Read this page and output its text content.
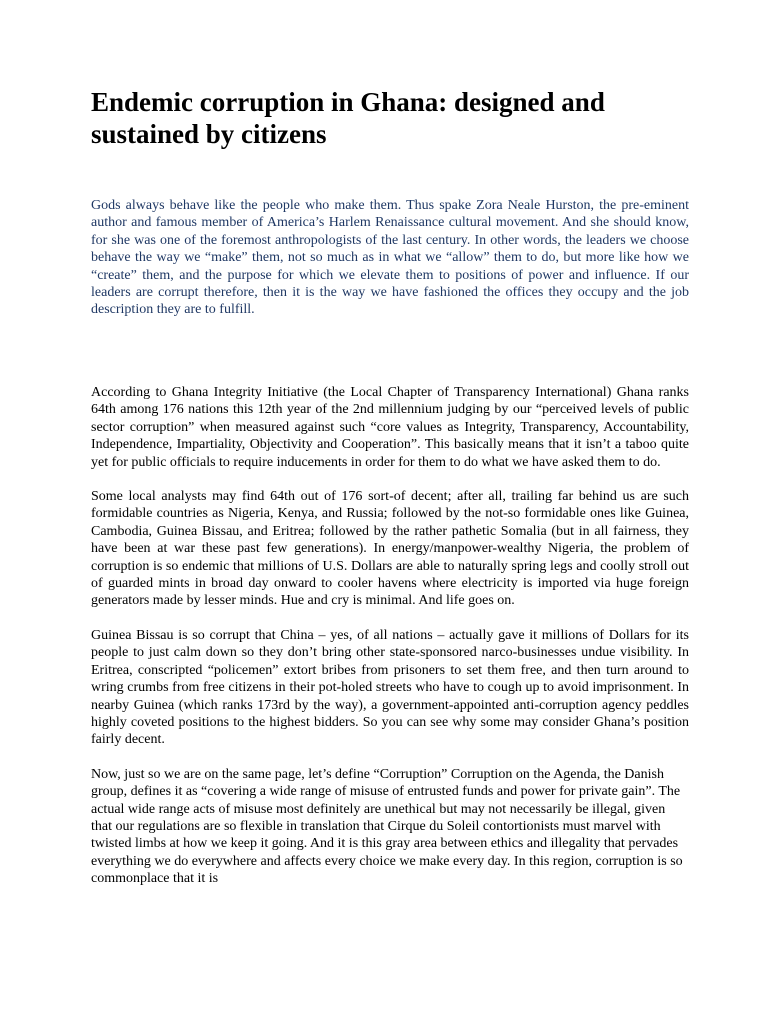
Endemic corruption in Ghana: designed and sustained by citizens

Gods always behave like the people who make them. Thus spake Zora Neale Hurston, the pre-eminent author and famous member of America’s Harlem Renaissance cultural movement. And she should know, for she was one of the foremost anthropologists of the last century. In other words, the leaders we choose behave the way we “make” them, not so much as in what we “allow” them to do, but more like how we “create” them, and the purpose for which we elevate them to positions of power and influence. If our leaders are corrupt therefore, then it is the way we have fashioned the offices they occupy and the job description they are to fulfill.

According to Ghana Integrity Initiative (the Local Chapter of Transparency International) Ghana ranks 64th among 176 nations this 12th year of the 2nd millennium judging by our “perceived levels of public sector corruption” when measured against such “core values as Integrity, Transparency, Accountability, Independence, Impartiality, Objectivity and Cooperation”. This basically means that it isn’t a taboo quite yet for public officials to require inducements in order for them to do what we have asked them to do.

Some local analysts may find 64th out of 176 sort-of decent; after all, trailing far behind us are such formidable countries as Nigeria, Kenya, and Russia; followed by the not-so formidable ones like Guinea, Cambodia, Guinea Bissau, and Eritrea; followed by the rather pathetic Somalia (but in all fairness, they have been at war these past few generations). In energy/manpower-wealthy Nigeria, the problem of corruption is so endemic that millions of U.S. Dollars are able to naturally spring legs and coolly stroll out of guarded mints in broad day onward to cooler havens where electricity is imported via huge foreign generators made by lesser minds. Hue and cry is minimal. And life goes on.

Guinea Bissau is so corrupt that China – yes, of all nations – actually gave it millions of Dollars for its people to just calm down so they don’t bring other state-sponsored narco-businesses undue visibility. In Eritrea, conscripted “policemen” extort bribes from prisoners to set them free, and then turn around to wring crumbs from free citizens in their pot-holed streets who have to cough up to avoid imprisonment. In nearby Guinea (which ranks 173rd by the way), a government-appointed anti-corruption agency peddles highly coveted positions to the highest bidders. So you can see why some may consider Ghana’s position fairly decent.

Now, just so we are on the same page, let’s define “Corruption” Corruption on the Agenda, the Danish group, defines it as “covering a wide range of misuse of entrusted funds and power for private gain”. The actual wide range acts of misuse most definitely are unethical but may not necessarily be illegal, given that our regulations are so flexible in translation that Cirque du Soleil contortionists must marvel with twisted limbs at how we keep it going. And it is this gray area between ethics and illegality that pervades everything we do everywhere and affects every choice we make every day. In this region, corruption is so commonplace that it is
